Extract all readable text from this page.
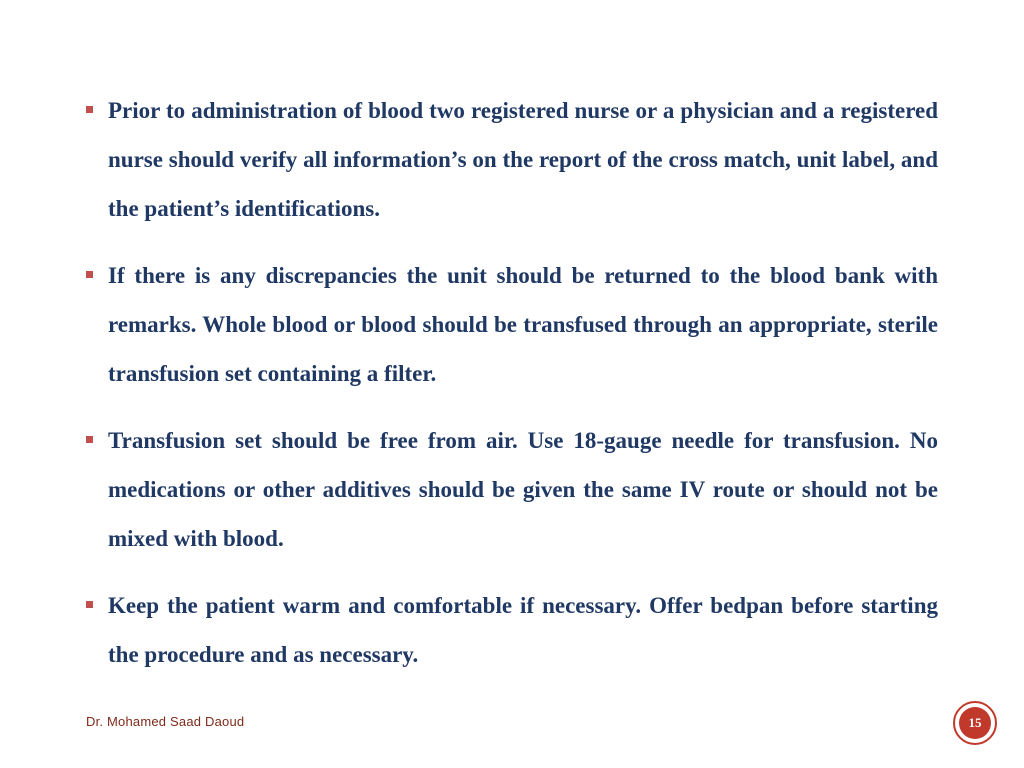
Prior to administration of blood two registered nurse or a physician and a registered nurse should verify all information’s on the report of the cross match, unit label, and the patient’s identifications.
If there is any discrepancies the unit should be returned to the blood bank with remarks. Whole blood or blood should be transfused through an appropriate, sterile transfusion set containing a filter.
Transfusion set should be free from air. Use 18-gauge needle for transfusion. No medications or other additives should be given the same IV route or should not be mixed with blood.
Keep the patient warm and comfortable if necessary. Offer bedpan before starting the procedure and as necessary.
Dr. Mohamed Saad Daoud	15
